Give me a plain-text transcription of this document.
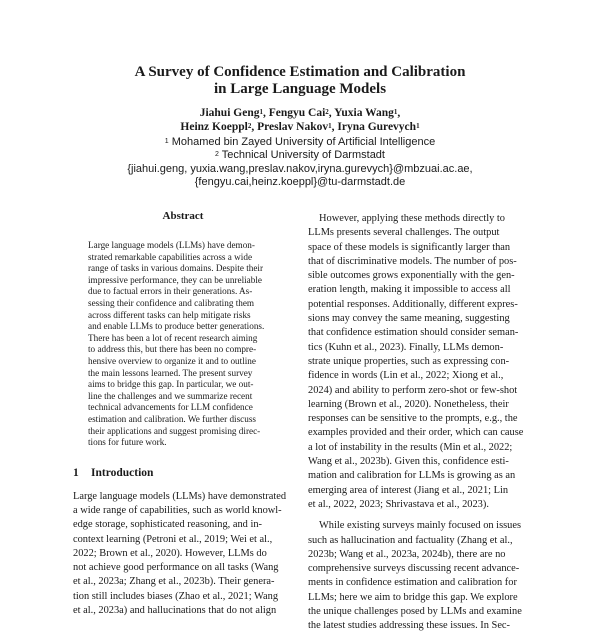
A Survey of Confidence Estimation and Calibration
in Large Language Models
Jiahui Geng$^1$, Fengyu Cai$^2$, Yuxia Wang$^1$,
Heinz Koeppl$^2$, Preslav Nakov$^1$, Iryna Gurevych$^1$
$^1$ Mohamed bin Zayed University of Artificial Intelligence
$^2$ Technical University of Darmstadt
{jiahui.geng, yuxia.wang,preslav.nakov,iryna.gurevych}@mbzuai.ac.ae,
{fengyu.cai,heinz.koeppl}@tu-darmstadt.de
Abstract
Large language models (LLMs) have demon-
strated remarkable capabilities across a wide
range of tasks in various domains. Despite their
impressive performance, they can be unreliable
due to factual errors in their generations. As-
sessing their confidence and calibrating them
across different tasks can help mitigate risks
and enable LLMs to produce better generations.
There has been a lot of recent research aiming
to address this, but there has been no compre-
hensive overview to organize it and to outline
the main lessons learned. The present survey
aims to bridge this gap. In particular, we out-
line the challenges and we summarize recent
technical advancements for LLM confidence
estimation and calibration. We further discuss
their applications and suggest promising direc-
tions for future work.
1 Introduction
Large language models (LLMs) have demonstrated
a wide range of capabilities, such as world knowl-
edge storage, sophisticated reasoning, and in-
context learning (Petroni et al., 2019; Wei et al.,
2022; Brown et al., 2020). However, LLMs do
not achieve good performance on all tasks (Wang
et al., 2023a; Zhang et al., 2023b). Their genera-
tion still includes biases (Zhao et al., 2021; Wang
et al., 2023a) and hallucinations that do not align
However, applying these methods directly to
LLMs presents several challenges. The output
space of these models is significantly larger than
that of discriminative models. The number of pos-
sible outcomes grows exponentially with the gen-
eration length, making it impossible to access all
potential responses. Additionally, different expres-
sions may convey the same meaning, suggesting
that confidence estimation should consider seman-
tics (Kuhn et al., 2023). Finally, LLMs demon-
strate unique properties, such as expressing con-
fidence in words (Lin et al., 2022; Xiong et al.,
2024) and ability to perform zero-shot or few-shot
learning (Brown et al., 2020). Nonetheless, their
responses can be sensitive to the prompts, e.g., the
examples provided and their order, which can cause
a lot of instability in the results (Min et al., 2022;
Wang et al., 2023b). Given this, confidence esti-
mation and calibration for LLMs is growing as an
emerging area of interest (Jiang et al., 2021; Lin
et al., 2022, 2023; Shrivastava et al., 2023).
While existing surveys mainly focused on issues
such as hallucination and factuality (Zhang et al.,
2023b; Wang et al., 2023a, 2024b), there are no
comprehensive surveys discussing recent advance-
ments in confidence estimation and calibration for
LLMs; here we aim to bridge this gap. We explore
the unique challenges posed by LLMs and examine
the latest studies addressing these issues. In Sec-
